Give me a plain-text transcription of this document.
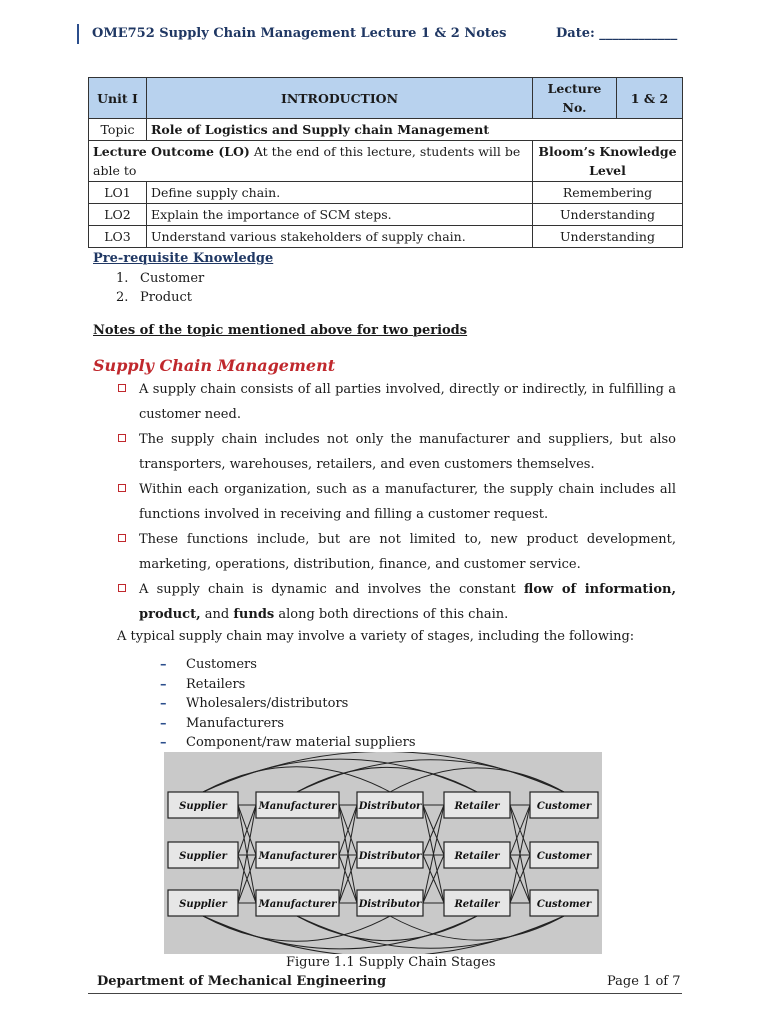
OME752 Supply Chain Management Lecture 1 & 2 Notes	Date: ____________
Unit I	INTRODUCTION	Lecture No.	1 & 2
Topic	Role of Logistics and Supply chain Management		
Lecture Outcome (LO) At the end of this lecture, students will be able to		Bloom’s Knowledge Level	
LO1	Define supply chain.	Remembering	
LO2	Explain the importance of SCM steps.	Understanding	
LO3	Understand various stakeholders of supply chain.	Understanding	
Pre-requisite Knowledge
1. Customer
2. Product
Notes of the topic mentioned above for two periods
Supply Chain Management
A supply chain consists of all parties involved, directly or indirectly, in fulfilling a customer need.
The supply chain includes not only the manufacturer and suppliers, but also transporters, warehouses, retailers, and even customers themselves.
Within each organization, such as a manufacturer, the supply chain includes all functions involved in receiving and filling a customer request.
These functions include, but are not limited to, new product development, marketing, operations, distribution, finance, and customer service.
A supply chain is dynamic and involves the constant flow of information, product, and funds along both directions of this chain.
A typical supply chain may involve a variety of stages, including the following:
– Customers
– Retailers
– Wholesalers/distributors
– Manufacturers
– Component/raw material suppliers
Supplier
Supplier
Supplier
Manufacturer
Manufacturer
Manufacturer
Distributor
Distributor
Distributor
Retailer
Retailer
Retailer
Customer
Customer
Customer
Figure 1.1 Supply Chain Stages
Department of Mechanical Engineering	Page 1 of 7
